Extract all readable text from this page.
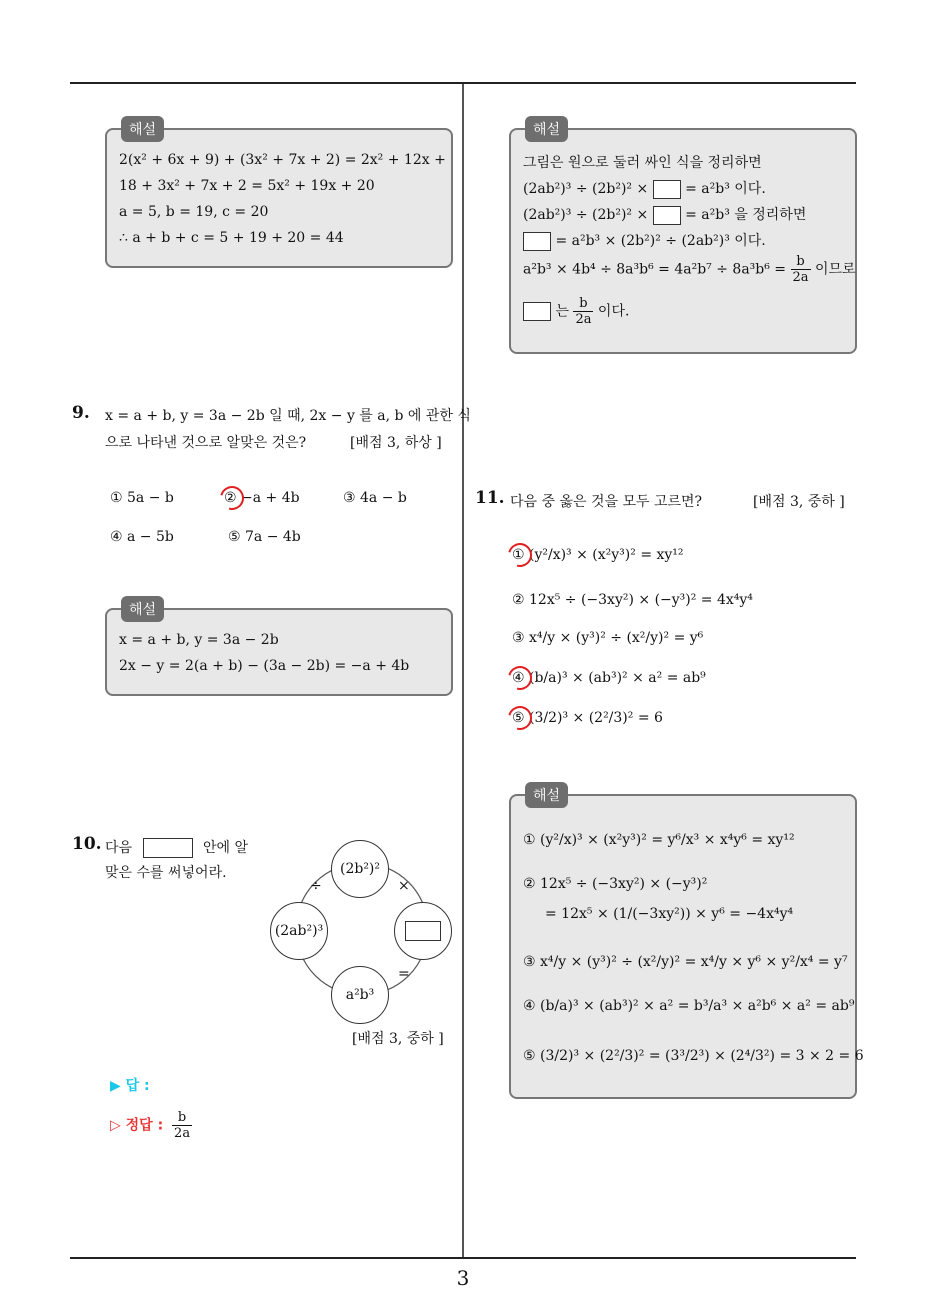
3
해설
2(x² + 6x + 9) + (3x² + 7x + 2) = 2x² + 12x +
18 + 3x² + 7x + 2 = 5x² + 19x + 20
a = 5, b = 19, c = 20
∴ a + b + c = 5 + 19 + 20 = 44
9. x = a + b, y = 3a − 2b 일 때, 2x − y 를 a, b 에 관한 식
으로 나타낸 것으로 알맞은 것은?	[배점 3, 하상 ]
① 5a − b	② −a + 4b	③ 4a − b
④ a − 5b	⑤ 7a − 4b
해설
x = a + b, y = 3a − 2b
2x − y = 2(a + b) − (3a − 2b) = −a + 4b
10. 다음	안에 알
맞은 수를 써넣어라.	(2b²)²
(2ab²)³
a²b³
÷	×
=
[배점 3, 중하 ]
▶ 답 :
▷ 정답 : $\frac{b}{2a}$
해설
그림은 원으로 둘러 싸인 식을 정리하면
(2ab²)³ ÷ (2b²)² ×	= a²b³ 이다.
(2ab²)³ ÷ (2b²)² ×	= a²b³ 을 정리하면
= a²b³ × (2b²)² ÷ (2ab²)³ 이다.
$a^2b^3 \times 4b^4 \div 8a^3b^6 = 4a^2b^7 \div 8a^3b^6 = \frac{b}{2a}$ 이므로
는 $\frac{b}{2a}$ 이다.
11. 다음 중 옳은 것을 모두 고르면?	[배점 3, 중하 ]
① (y²/x)³ × (x²y³)² = xy¹²
② 12x⁵ ÷ (−3xy²) × (−y³)² = 4x⁴y⁴
③ x⁴/y × (y³)² ÷ (x²/y)² = y⁶
④ (b/a)³ × (ab³)² × a² = ab⁹
⑤ (3/2)³ × (2²/3)² = 6
해설
① (y²/x)³ × (x²y³)² = y⁶/x³ × x⁴y⁶ = xy¹²
② 12x⁵ ÷ (−3xy²) × (−y³)²
= 12x⁵ × (1/(−3xy²)) × y⁶ = −4x⁴y⁴
③ x⁴/y × (y³)² ÷ (x²/y)² = x⁴/y × y⁶ × y²/x⁴ = y⁷
④ (b/a)³ × (ab³)² × a² = b³/a³ × a²b⁶ × a² = ab⁹
⑤ (3/2)³ × (2²/3)² = (3³/2³) × (2⁴/3²) = 3 × 2 = 6
